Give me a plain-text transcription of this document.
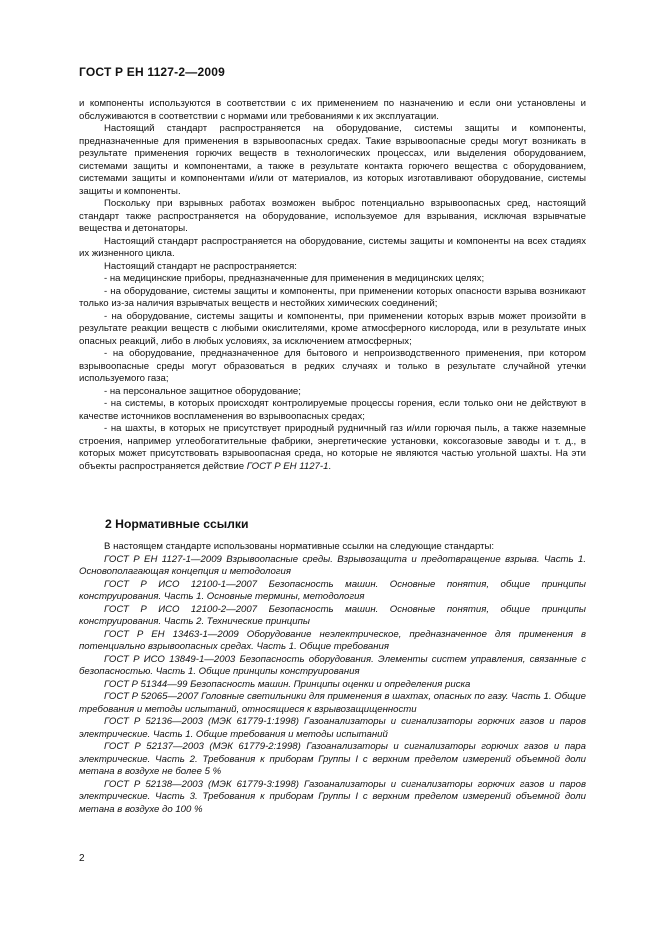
ГОСТ Р ЕН 1127-2—2009

и компоненты используются в соответствии с их применением по назначению и если они установлены и обслуживаются в соответствии с нормами или требованиями к их эксплуатации.

Настоящий стандарт распространяется на оборудование, системы защиты и компоненты, предназначенные для применения в взрывоопасных средах. Такие взрывоопасные среды могут возникать в результате применения горючих веществ в технологических процессах, или выделения оборудованием, системами защиты и компонентами, а также в результате контакта горючего вещества с оборудованием, системами защиты и компонентами и/или от материалов, из которых изготавливают оборудование, системы защиты и компоненты.

Поскольку при взрывных работах возможен выброс потенциально взрывоопасных сред, настоящий стандарт также распространяется на оборудование, используемое для взрывания, исключая взрывчатые вещества и детонаторы.

Настоящий стандарт распространяется на оборудование, системы защиты и компоненты на всех стадиях их жизненного цикла.

Настоящий стандарт не распространяется:

- на медицинские приборы, предназначенные для применения в медицинских целях;

- на оборудование, системы защиты и компоненты, при применении которых опасности взрыва возникают только из-за наличия взрывчатых веществ и нестойких химических соединений;

- на оборудование, системы защиты и компоненты, при применении которых взрыв может произойти в результате реакции веществ с любыми окислителями, кроме атмосферного кислорода, или в результате иных опасных реакций, либо в любых условиях, за исключением атмосферных;

- на оборудование, предназначенное для бытового и непроизводственного применения, при котором взрывоопасные среды могут образоваться в редких случаях и только в результате случайной утечки используемого газа;

- на персональное защитное оборудование;

- на системы, в которых происходят контролируемые процессы горения, если только они не действуют в качестве источников воспламенения во взрывоопасных средах;

- на шахты, в которых не присутствует природный рудничный газ и/или горючая пыль, а также наземные строения, например углеобогатительные фабрики, энергетические установки, коксогазовые заводы и т. д., в которых может присутствовать взрывоопасная среда, но которые не являются частью угольной шахты. На эти объекты распространяется действие ГОСТ Р ЕН 1127-1.

2 Нормативные ссылки

В настоящем стандарте использованы нормативные ссылки на следующие стандарты:

ГОСТ Р ЕН 1127-1—2009 Взрывоопасные среды. Взрывозащита и предотвращение взрыва. Часть 1. Основополагающая концепция и методология

ГОСТ Р ИСО 12100-1—2007 Безопасность машин. Основные понятия, общие принципы конструирования. Часть 1. Основные термины, методология

ГОСТ Р ИСО 12100-2—2007 Безопасность машин. Основные понятия, общие принципы конструирования. Часть 2. Технические принципы

ГОСТ Р ЕН 13463-1—2009 Оборудование неэлектрическое, предназначенное для применения в потенциально взрывоопасных средах. Часть 1. Общие требования

ГОСТ Р ИСО 13849-1—2003 Безопасность оборудования. Элементы систем управления, связанные с безопасностью. Часть 1. Общие принципы конструирования

ГОСТ Р 51344—99 Безопасность машин. Принципы оценки и определения риска

ГОСТ Р 52065—2007 Головные светильники для применения в шахтах, опасных по газу. Часть 1. Общие требования и методы испытаний, относящиеся к взрывозащищенности

ГОСТ Р 52136—2003 (МЭК 61779-1:1998) Газоанализаторы и сигнализаторы горючих газов и паров электрические. Часть 1. Общие требования и методы испытаний

ГОСТ Р 52137—2003 (МЭК 61779-2:1998) Газоанализаторы и сигнализаторы горючих газов и пара электрические. Часть 2. Требования к приборам Группы I с верхним пределом измерений объемной доли метана в воздухе не более 5 %

ГОСТ Р 52138—2003 (МЭК 61779-3:1998) Газоанализаторы и сигнализаторы горючих газов и паров электрические. Часть 3. Требования к приборам Группы I с верхним пределом измерений объемной доли метана в воздухе до 100 %

2
